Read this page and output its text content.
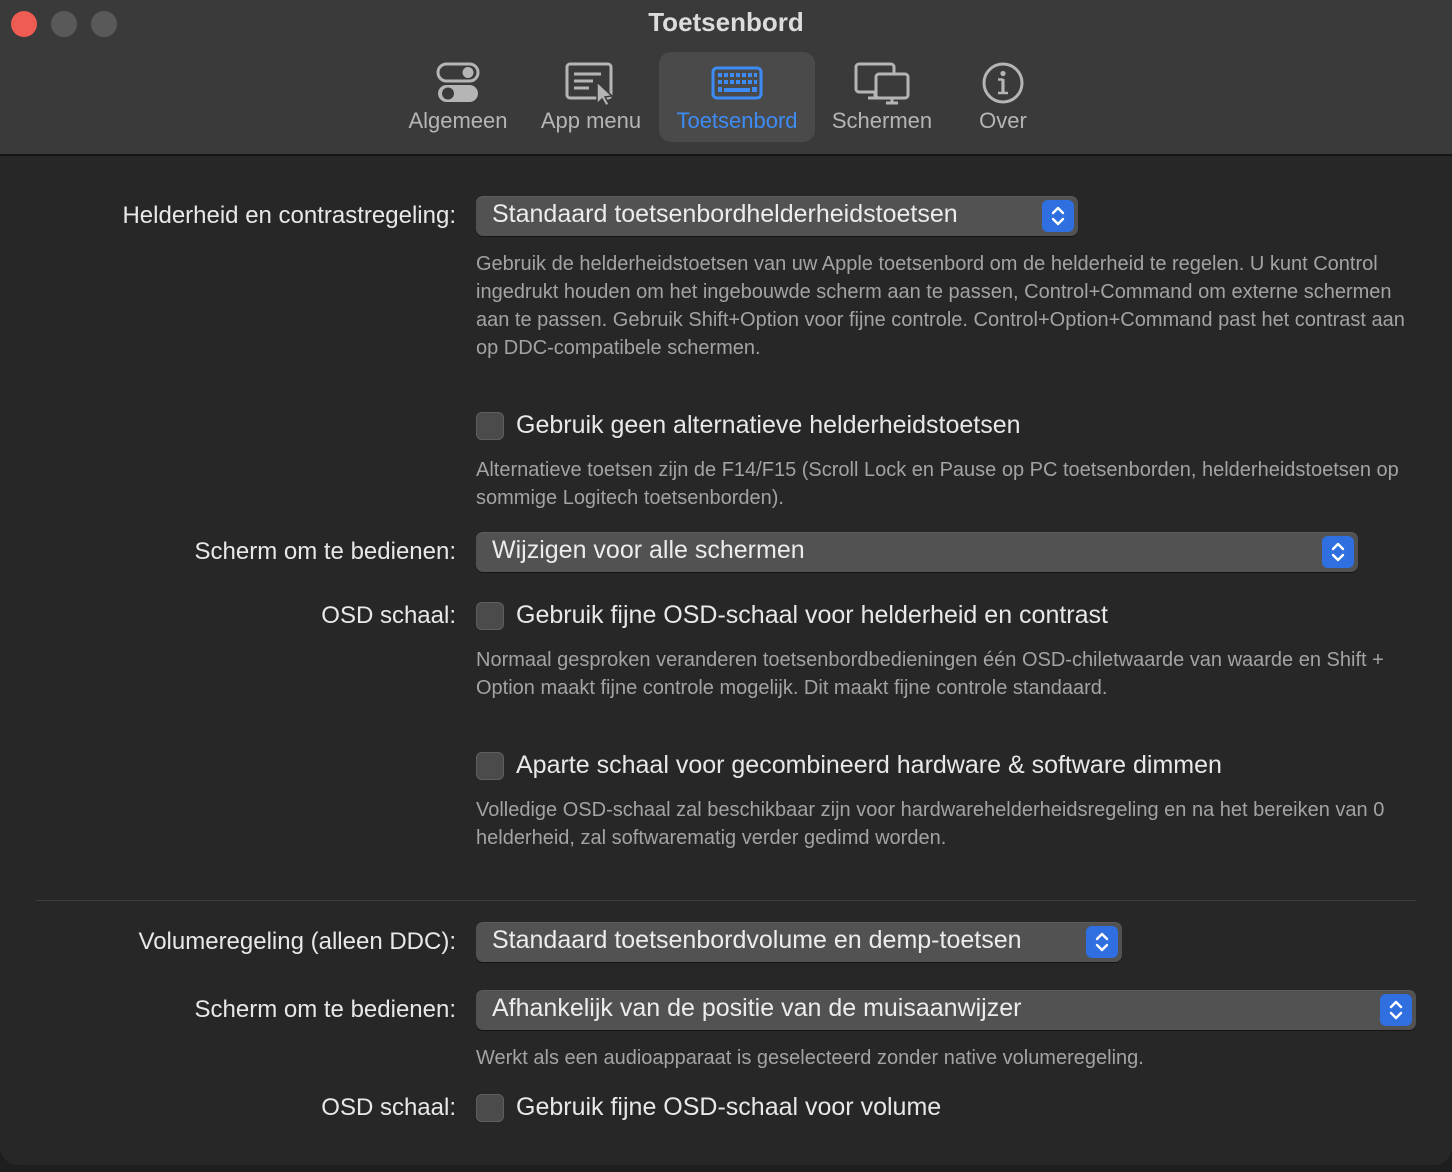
Toetsenbord
Algemeen App menu Toetsenbord Schermen Over
Helderheid en contrastregeling: Standaard toetsenbordhelderheidstoetsen
Gebruik de helderheidstoetsen van uw Apple toetsenbord om de helderheid te regelen. U kunt Control ingedrukt houden om het ingebouwde scherm aan te passen, Control+Command om externe schermen aan te passen. Gebruik Shift+Option voor fijne controle. Control+Option+Command past het contrast aan op DDC-compatibele schermen.
Gebruik geen alternatieve helderheidstoetsen
Alternatieve toetsen zijn de F14/F15 (Scroll Lock en Pause op PC toetsenborden, helderheidstoetsen op sommige Logitech toetsenborden).
Scherm om te bedienen: Wijzigen voor alle schermen
OSD schaal: Gebruik fijne OSD-schaal voor helderheid en contrast
Normaal gesproken veranderen toetsenbordbedieningen één OSD-chiletwaarde van waarde en Shift + Option maakt fijne controle mogelijk. Dit maakt fijne controle standaard.
Aparte schaal voor gecombineerd hardware & software dimmen
Volledige OSD-schaal zal beschikbaar zijn voor hardwarehelderheidsregeling en na het bereiken van 0 helderheid, zal softwarematig verder gedimd worden.
Volumeregeling (alleen DDC): Standaard toetsenbordvolume en demp-toetsen
Scherm om te bedienen: Afhankelijk van de positie van de muisaanwijzer
Werkt als een audioapparaat is geselecteerd zonder native volumeregeling.
OSD schaal: Gebruik fijne OSD-schaal voor volume
